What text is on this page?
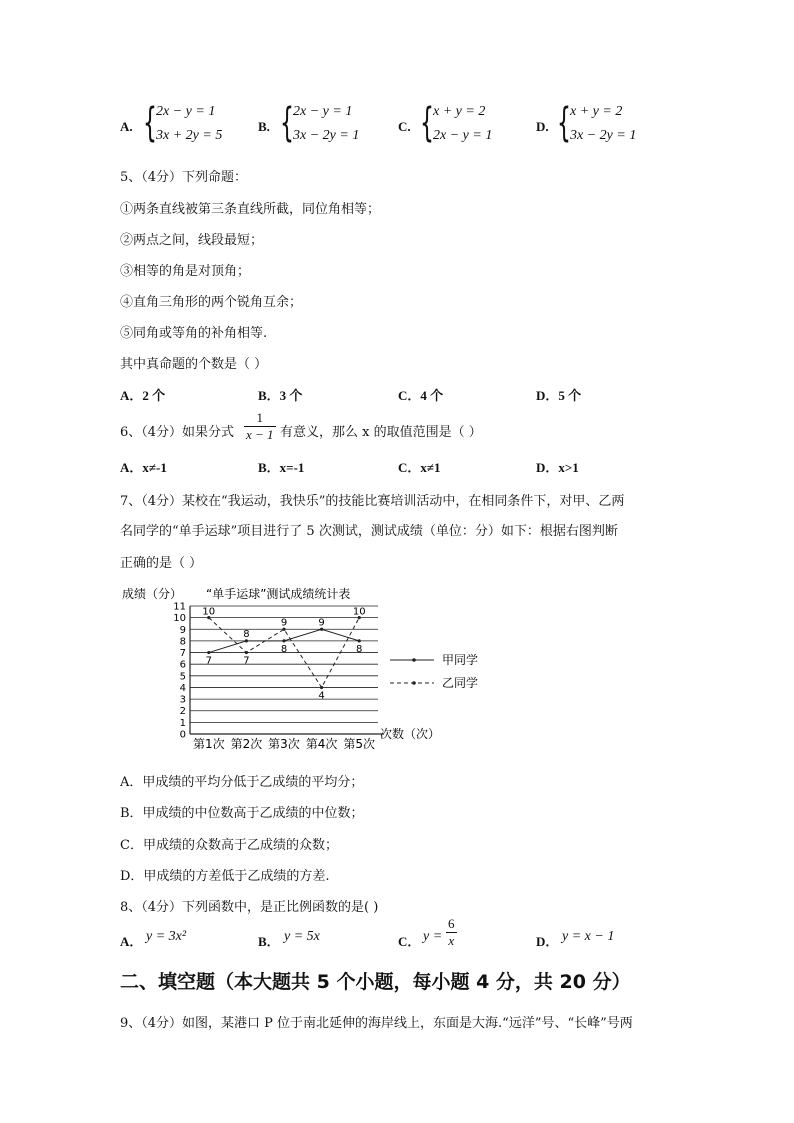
A. { 2x − y = 1
3x + 2y = 5
B. { 2x − y = 1
3x − 2y = 1
C. { x + y = 2
2x − y = 1
D. { x + y = 2
3x − 2y = 1
5、（4分）下列命题：
①两条直线被第三条直线所截，同位角相等；
②两点之间，线段最短；
③相等的角是对顶角；
④直角三角形的两个锐角互余；
⑤同角或等角的补角相等.
其中真命题的个数是（ ）
A．2 个	B．3 个	C．4 个	D．5 个
6、（4分）如果分式 $\frac{1}{x - 1}$ 有意义，那么 x 的取值范围是（ ）
A．x≠-1	B．x=-1	C．x≠1	D．x>1
7、（4分）某校在“我运动，我快乐”的技能比赛培训活动中，在相同条件下，对甲、乙两
名同学的“单手运球”项目进行了 5 次测试，测试成绩（单位：分）如下：根据右图判断
正确的是（ ）
成绩（分） “单手运球”测试成绩统计表
0
1
2
3
4
5
6
7
8
9
10
11
第1次 第2次 第3次 第4次 第5次
7
8
8
9
8
10
7
9
4
10
甲同学
乙同学
次数（次）
A．甲成绩的平均分低于乙成绩的平均分；
B．甲成绩的中位数高于乙成绩的中位数；
C．甲成绩的众数高于乙成绩的众数；
D．甲成绩的方差低于乙成绩的方差.
8、（4分）下列函数中，是正比例函数的是( )
A． y = 3x²	B． y = 5x	C． $y = \frac{6}{x}$	D． y = x − 1
二、填空题（本大题共 5 个小题，每小题 4 分，共 20 分）
9、（4分）如图，某港口 P 位于南北延伸的海岸线上，东面是大海.“远洋”号、“长峰”号两
